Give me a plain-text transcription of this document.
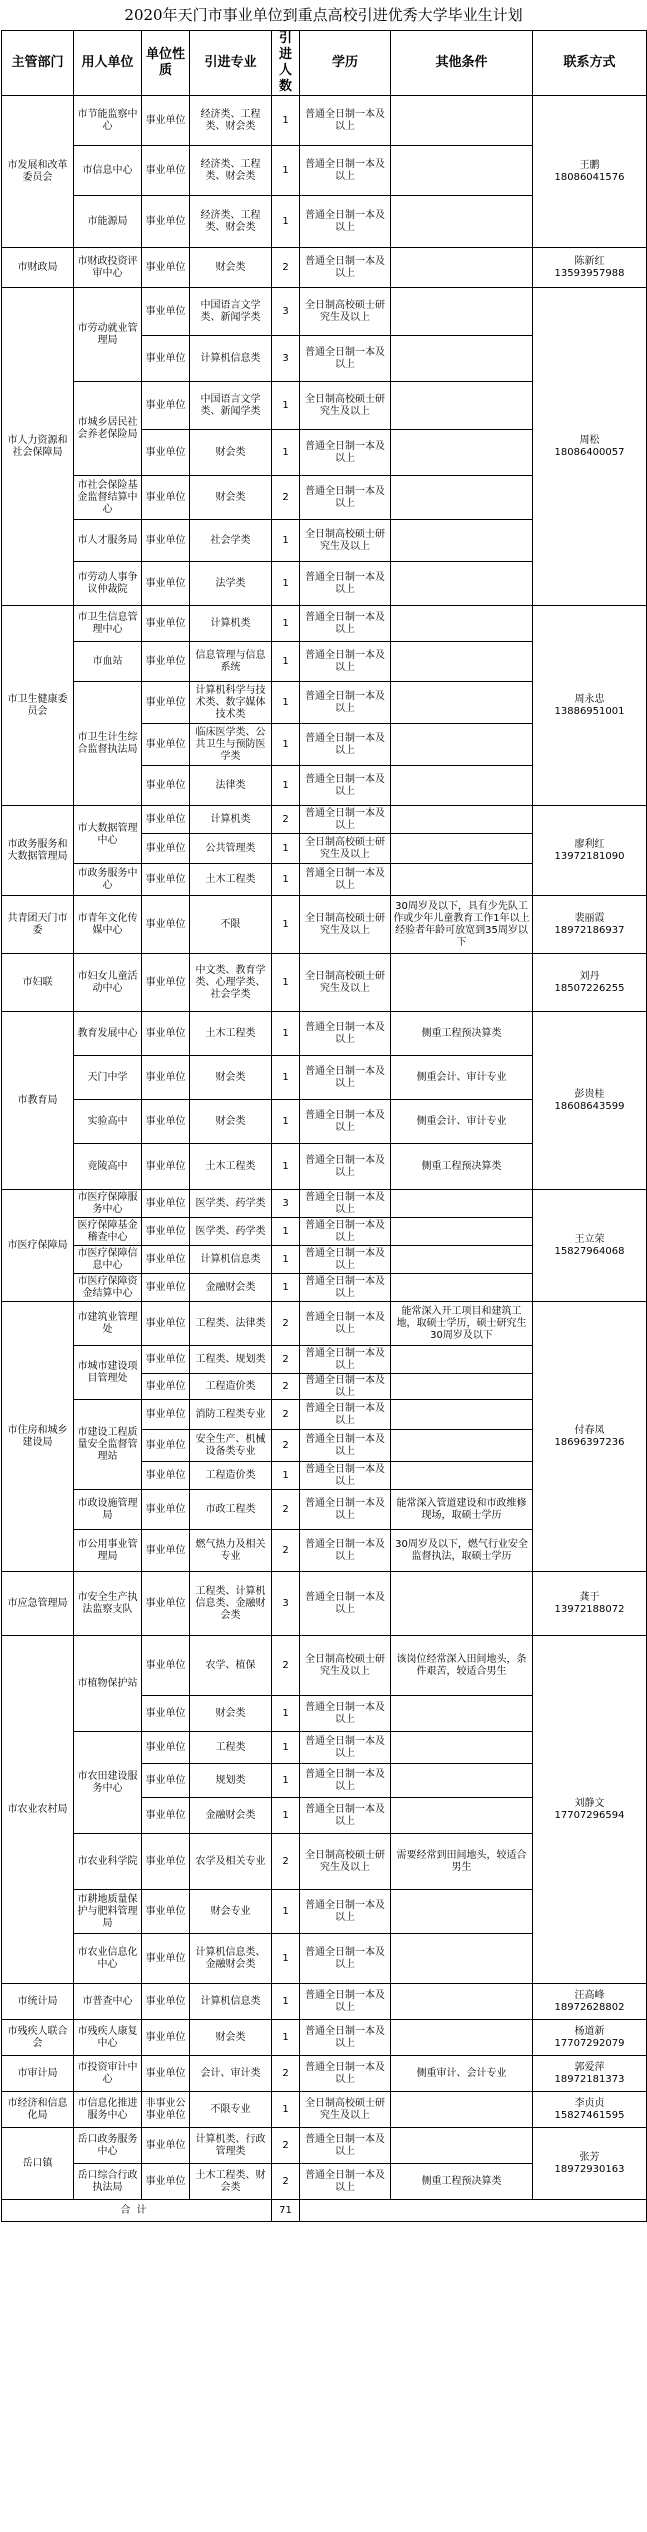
2020年天门市事业单位到重点高校引进优秀大学毕业生计划
主管部门	用人单位	单位性质	引进专业	引进人数	学历	其他条件	联系方式
市发展和改革委员会	市节能监察中心	事业单位	经济类、工程类、财会类	1	普通全日制一本及以上		王鹏
18086041576
	市信息中心	事业单位	经济类、工程类、财会类	1	普通全日制一本及以上		
	市能源局	事业单位	经济类、工程类、财会类	1	普通全日制一本及以上		
市财政局	市财政投资评审中心	事业单位	财会类	2	普通全日制一本及以上		陈新红
13593957988
市人力资源和社会保障局	市劳动就业管理局	事业单位	中国语言文学类、新闻学类	3	全日制高校硕士研究生及以上		周松
18086400057
		事业单位	计算机信息类	3	普通全日制一本及以上		
	市城乡居民社会养老保险局	事业单位	中国语言文学类、新闻学类	1	全日制高校硕士研究生及以上		
		事业单位	财会类	1	普通全日制一本及以上		
	市社会保险基金监督结算中心	事业单位	财会类	2	普通全日制一本及以上		
	市人才服务局	事业单位	社会学类	1	全日制高校硕士研究生及以上		
	市劳动人事争议仲裁院	事业单位	法学类	1	普通全日制一本及以上		
市卫生健康委员会	市卫生信息管理中心	事业单位	计算机类	1	普通全日制一本及以上		周永忠
13886951001
	市血站	事业单位	信息管理与信息系统	1	普通全日制一本及以上		
	市卫生计生综合监督执法局	事业单位	计算机科学与技术类、数字媒体技术类	1	普通全日制一本及以上		
		事业单位	临床医学类、公共卫生与预防医学类	1	普通全日制一本及以上		
		事业单位	法律类	1	普通全日制一本及以上		
市政务服务和大数据管理局	市大数据管理中心	事业单位	计算机类	2	普通全日制一本及以上		廖利红
13972181090
		事业单位	公共管理类	1	全日制高校硕士研究生及以上		
	市政务服务中心	事业单位	土木工程类	1	普通全日制一本及以上		
共青团天门市委	市青年文化传媒中心	事业单位	不限	1	全日制高校硕士研究生及以上	30周岁及以下，具有少先队工作或少年儿童教育工作1年以上经验者年龄可放宽到35周岁以下	裴丽霞
18972186937
市妇联	市妇女儿童活动中心	事业单位	中文类、教育学类、心理学类、社会学类	1	全日制高校硕士研究生及以上		刘丹
18507226255
市教育局	教育发展中心	事业单位	土木工程类	1	普通全日制一本及以上	侧重工程预决算类	彭贵桂
18608643599
	天门中学	事业单位	财会类	1	普通全日制一本及以上	侧重会计、审计专业	
	实验高中	事业单位	财会类	1	普通全日制一本及以上	侧重会计、审计专业	
	竟陵高中	事业单位	土木工程类	1	普通全日制一本及以上	侧重工程预决算类	
市医疗保障局	市医疗保障服务中心	事业单位	医学类、药学类	3	普通全日制一本及以上		王立荣
15827964068
	医疗保障基金稽查中心	事业单位	医学类、药学类	1	普通全日制一本及以上		
	市医疗保障信息中心	事业单位	计算机信息类	1	普通全日制一本及以上		
	市医疗保障资金结算中心	事业单位	金融财会类	1	普通全日制一本及以上		
市住房和城乡建设局	市建筑业管理处	事业单位	工程类、法律类	2	普通全日制一本及以上	能常深入开工项目和建筑工地，取硕士学历，硕士研究生30周岁及以下	付春凤
18696397236
	市城市建设项目管理处	事业单位	工程类、规划类	2	普通全日制一本及以上		
		事业单位	工程造价类	2	普通全日制一本及以上		
	市建设工程质量安全监督管理站	事业单位	消防工程类专业	2	普通全日制一本及以上		
		事业单位	安全生产、机械设备类专业	2	普通全日制一本及以上		
		事业单位	工程造价类	1	普通全日制一本及以上		
	市政设施管理局	事业单位	市政工程类	2	普通全日制一本及以上	能常深入管道建设和市政维修现场，取硕士学历	
	市公用事业管理局	事业单位	燃气热力及相关专业	2	普通全日制一本及以上	30周岁及以下，燃气行业安全监督执法，取硕士学历	
市应急管理局	市安全生产执法监察支队	事业单位	工程类、计算机信息类、金融财会类	3	普通全日制一本及以上		龚于
13972188072
市农业农村局	市植物保护站	事业单位	农学、植保	2	全日制高校硕士研究生及以上	该岗位经常深入田间地头，条件艰苦，较适合男生	刘静文
17707296594
		事业单位	财会类	1	普通全日制一本及以上		
	市农田建设服务中心	事业单位	工程类	1	普通全日制一本及以上		
		事业单位	规划类	1	普通全日制一本及以上		
		事业单位	金融财会类	1	普通全日制一本及以上		
	市农业科学院	事业单位	农学及相关专业	2	全日制高校硕士研究生及以上	需要经常到田间地头，较适合男生	
	市耕地质量保护与肥料管理局	事业单位	财会专业	1	普通全日制一本及以上		
	市农业信息化中心	事业单位	计算机信息类、金融财会类	1	普通全日制一本及以上		
市统计局	市普查中心	事业单位	计算机信息类	1	普通全日制一本及以上		汪高峰
18972628802
市残疾人联合会	市残疾人康复中心	事业单位	财会类	1	普通全日制一本及以上		杨道新
17707292079
市审计局	市投资审计中心	事业单位	会计、审计类	2	普通全日制一本及以上	侧重审计、会计专业	郭爱萍
18972181373
市经济和信息化局	市信息化推进服务中心	非事业公事业单位	不限专业	1	全日制高校硕士研究生及以上		李贞贞
15827461595
岳口镇	岳口政务服务中心	事业单位	计算机类、行政管理类	2	普通全日制一本及以上		张芳
18972930163
	岳口综合行政执法局	事业单位	土木工程类、财会类	2	普通全日制一本及以上	侧重工程预决算类	
合计				71			
